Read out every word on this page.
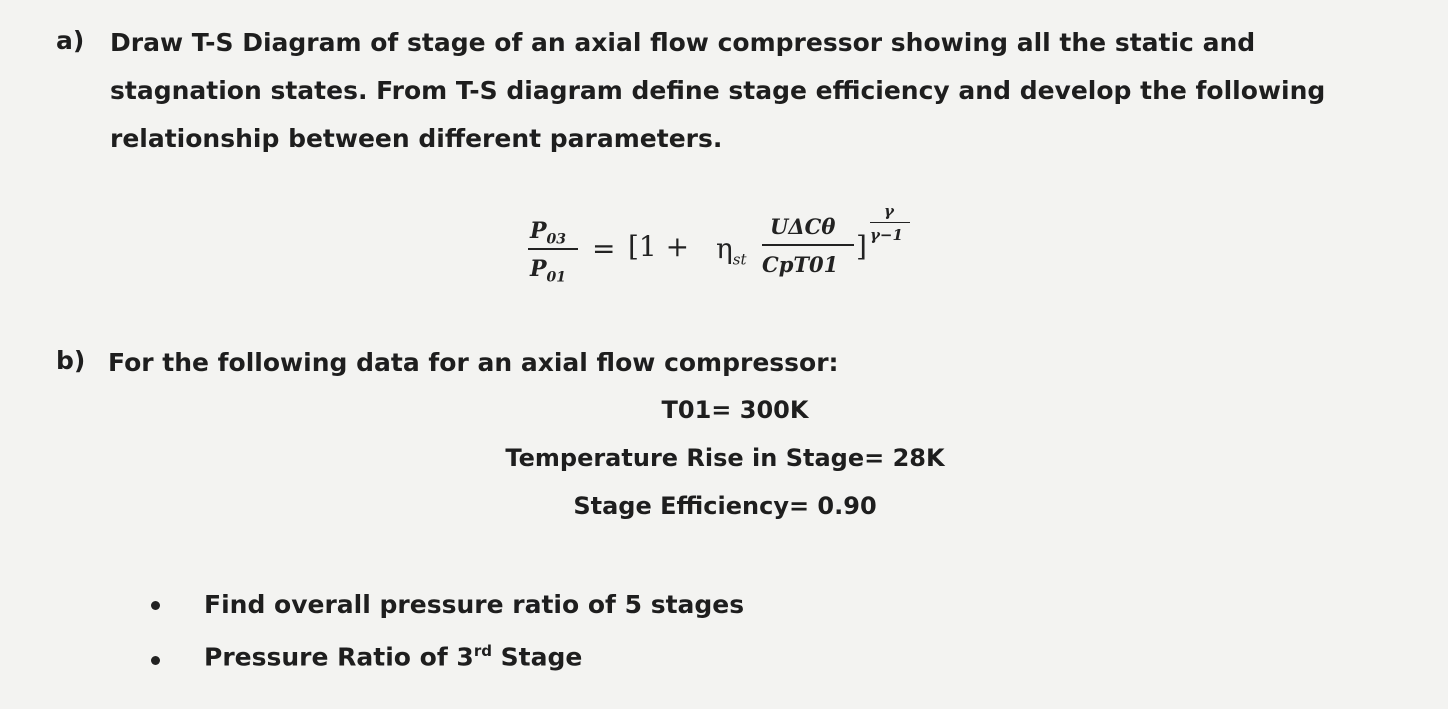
a) Draw T-S Diagram of stage of an axial flow compressor showing all the static and
stagnation states. From T-S diagram define stage efficiency and develop the following
relationship between different parameters.
$P_{03}$
$P_{01}$
= [$1 + \eta_{st}$
UΔCθ
CpT01
]
γ
γ−1
b) For the following data for an axial flow compressor:
T01= 300K
Temperature Rise in Stage= 28K
Stage Efficiency= 0.90
Find overall pressure ratio of 5 stages
Pressure Ratio of 3rd Stage
